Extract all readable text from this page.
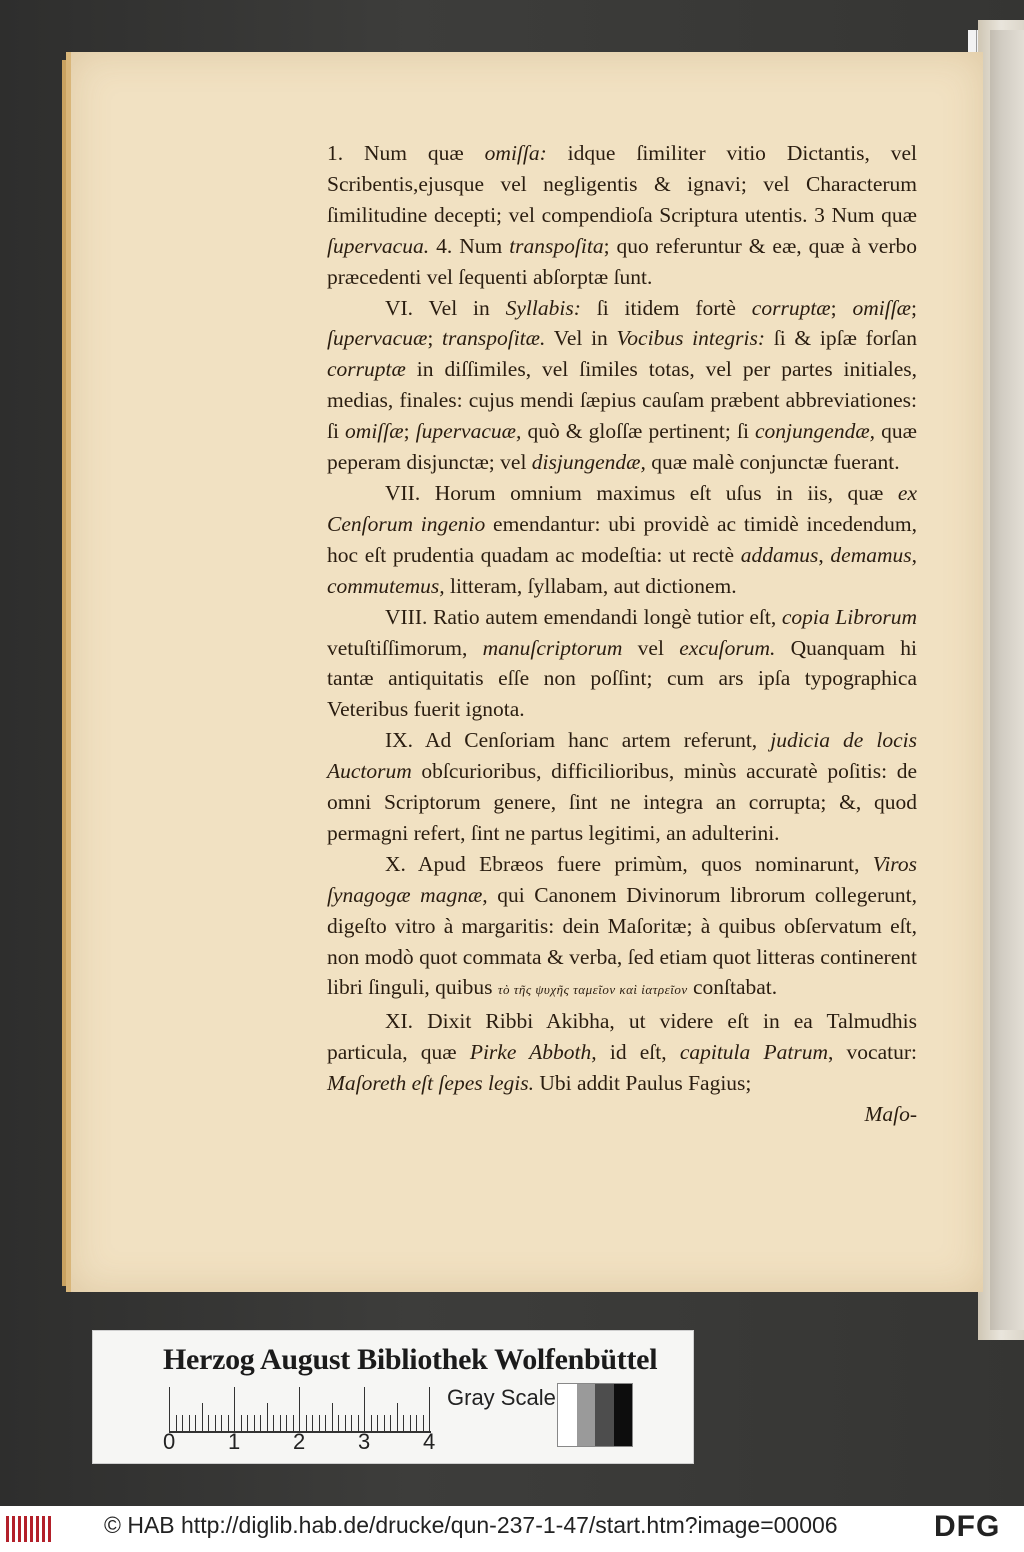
1. Num quæ omiſſa: idque ſimiliter vitio Dictantis, vel Scribentis,ejusque vel negligentis & ignavi; vel Characterum ſimilitudine decepti; vel compendioſa Scriptura utentis. 3 Num quæ ſupervacua. 4. Num transpoſita; quo referuntur & eæ, quæ à verbo præcedenti vel ſequenti abſorptæ ſunt.

VI. Vel in Syllabis: ſi itidem fortè corruptæ; omiſſæ; ſupervacuæ; transpoſitæ. Vel in Vocibus integris: ſi & ipſæ forſan corruptæ in diſſimiles, vel ſimiles totas, vel per partes initiales, medias, finales: cujus mendi ſæpius cauſam præbent abbreviationes: ſi omiſſæ; ſupervacuæ, quò & gloſſæ pertinent; ſi conjungendæ, quæ peperam disjunctæ; vel disjungendæ, quæ malè conjunctæ fuerant.

VII. Horum omnium maximus eſt uſus in iis, quæ ex Cenſorum ingenio emendantur: ubi providè ac timidè incedendum, hoc eſt prudentia quadam ac modeſtia: ut rectè addamus, demamus, commutemus, litteram, ſyllabam, aut dictionem.

VIII. Ratio autem emendandi longè tutior eſt, copia Librorum vetuſtiſſimorum, manuſcriptorum vel excuſorum. Quanquam hi tantæ antiquitatis eſſe non poſſint; cum ars ipſa typographica Veteribus fuerit ignota.

IX. Ad Cenſoriam hanc artem referunt, judicia de locis Auctorum obſcurioribus, difficilioribus, minùs accuratè poſitis: de omni Scriptorum genere, ſint ne integra an corrupta; &, quod permagni refert, ſint ne partus legitimi, an adulterini.

X. Apud Ebræos fuere primùm, quos nominarunt, Viros ſynagogæ magnæ, qui Canonem Divinorum librorum collegerunt, digeſto vitro à margaritis: dein Maſoritæ; à quibus obſervatum eſt, non modò quot commata & verba, ſed etiam quot litteras continerent libri ſinguli, quibus τὸ τῆς ψυχῆς ταμεῖον καὶ ἰατρεῖον conſtabat.

XI. Dixit Ribbi Akibha, ut videre eſt in ea Talmudhis particula, quæ Pirke Abboth, id eſt, capitula Patrum, vocatur: Maſoreth eſt ſepes legis. Ubi addit Paulus Fagius;

Maſo-

Herzog August Bibliothek Wolfenbüttel
0 1 2 3 4
Gray Scale
© HAB http://diglib.hab.de/drucke/qun-237-1-47/start.htm?image=00006	DFG
